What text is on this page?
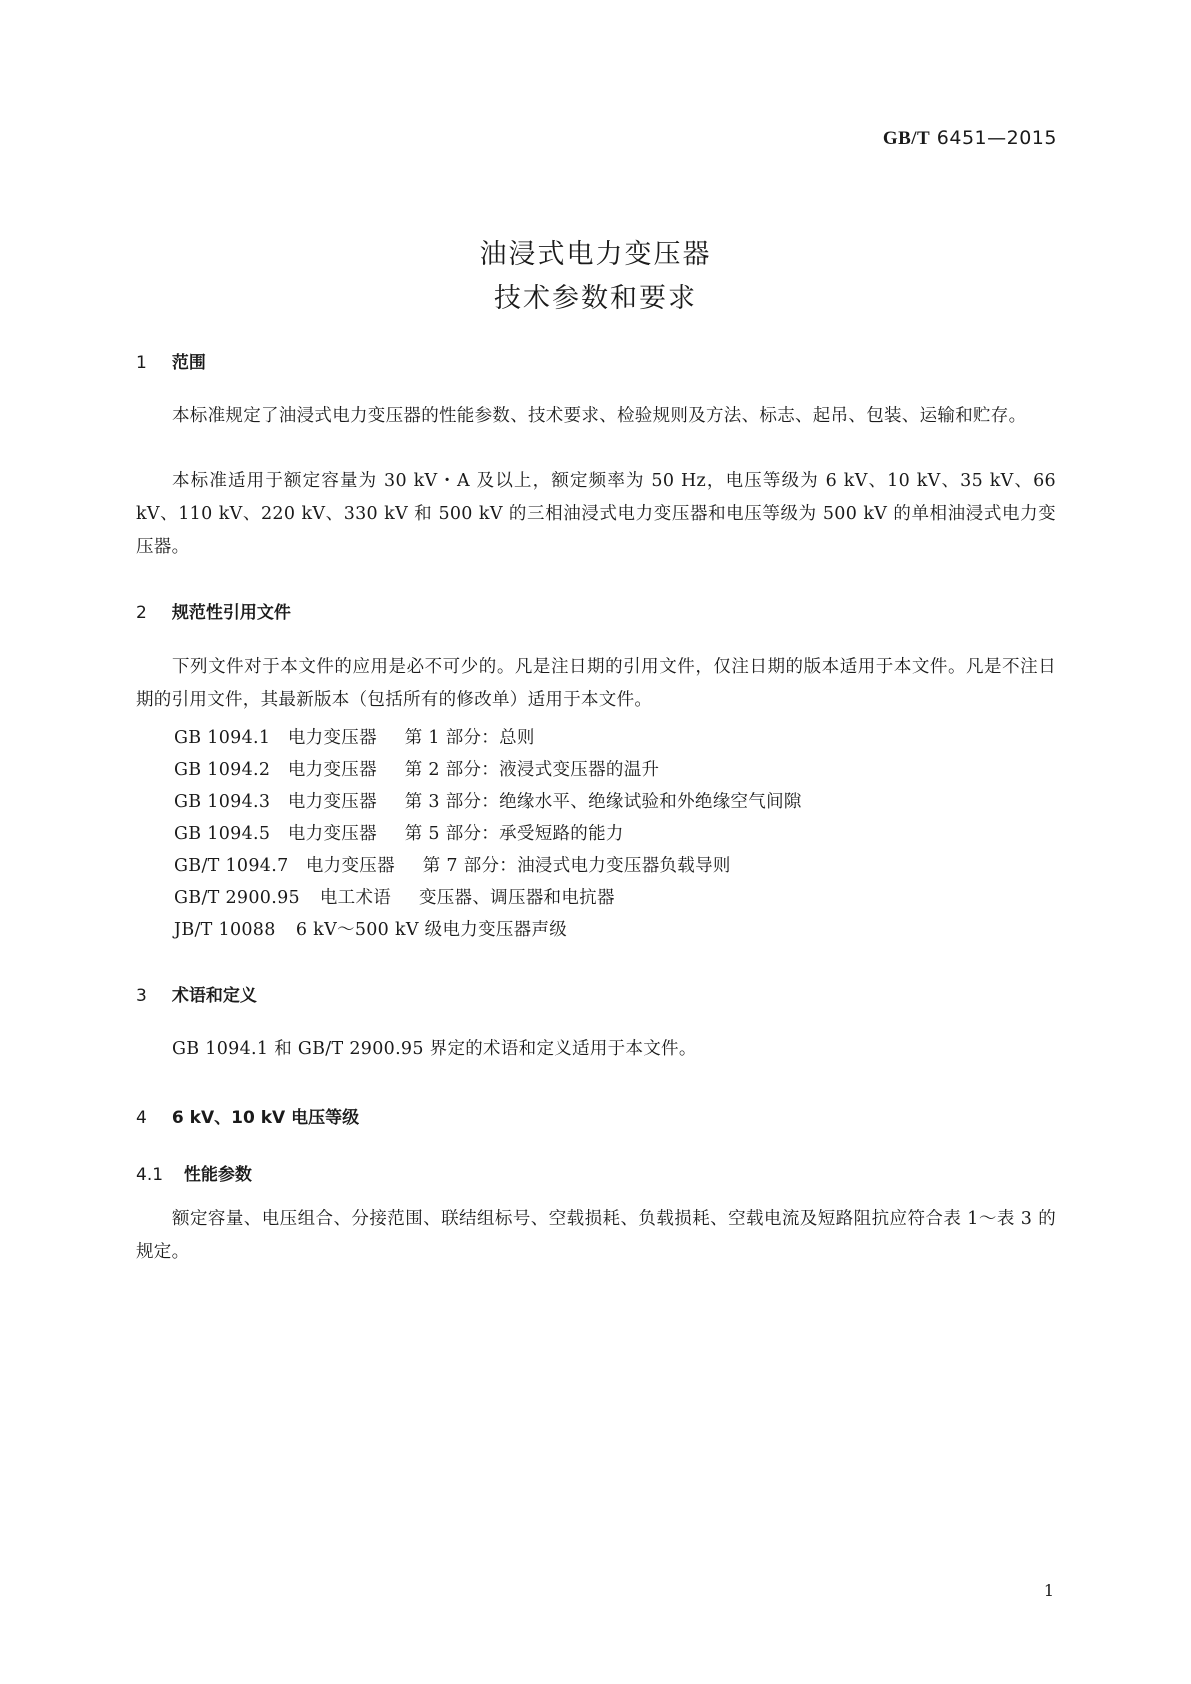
GB/T 6451—2015
油浸式电力变压器
技术参数和要求
1 范围
本标准规定了油浸式电力变压器的性能参数、技术要求、检验规则及方法、标志、起吊、包装、运输和贮存。
本标准适用于额定容量为 30 kV・A 及以上，额定频率为 50 Hz，电压等级为 6 kV、10 kV、35 kV、66 kV、110 kV、220 kV、330 kV 和 500 kV 的三相油浸式电力变压器和电压等级为 500 kV 的单相油浸式电力变压器。
2 规范性引用文件
下列文件对于本文件的应用是必不可少的。凡是注日期的引用文件，仅注日期的版本适用于本文件。凡是不注日期的引用文件，其最新版本（包括所有的修改单）适用于本文件。
GB 1094.1 电力变压器 第 1 部分：总则
GB 1094.2 电力变压器 第 2 部分：液浸式变压器的温升
GB 1094.3 电力变压器 第 3 部分：绝缘水平、绝缘试验和外绝缘空气间隙
GB 1094.5 电力变压器 第 5 部分：承受短路的能力
GB/T 1094.7 电力变压器 第 7 部分：油浸式电力变压器负载导则
GB/T 2900.95 电工术语 变压器、调压器和电抗器
JB/T 10088 6 kV～500 kV 级电力变压器声级
3 术语和定义
GB 1094.1 和 GB/T 2900.95 界定的术语和定义适用于本文件。
4 6 kV、10 kV 电压等级
4.1 性能参数
额定容量、电压组合、分接范围、联结组标号、空载损耗、负载损耗、空载电流及短路阻抗应符合表 1～表 3 的规定。
1
